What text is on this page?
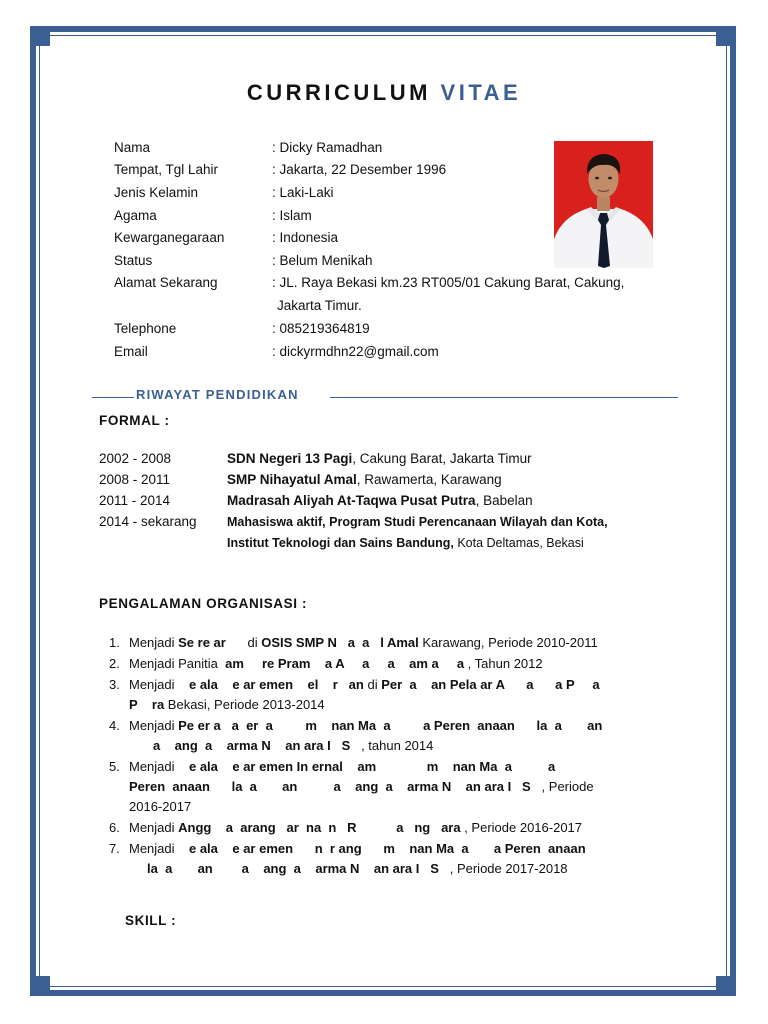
CURRICULUM VITAE
Nama	: Dicky Ramadhan
Tempat, Tgl Lahir	: Jakarta, 22 Desember 1996
Jenis Kelamin	: Laki-Laki
Agama	: Islam
Kewarganegaraan	: Indonesia
Status	: Belum Menikah
Alamat Sekarang	: JL. Raya Bekasi km.23 RT005/01 Cakung Barat, Cakung,
Jakarta Timur.
Telephone	: 085219364819
Email	: dickyrmdhn22@gmail.com
RIWAYAT PENDIDIKAN
FORMAL :
2002 - 2008	SDN Negeri 13 Pagi, Cakung Barat, Jakarta Timur
2008 - 2011	SMP Nihayatul Amal, Rawamerta, Karawang
2011 - 2014	Madrasah Aliyah At-Taqwa Pusat Putra, Babelan
2014 - sekarang Mahasiswa aktif, Program Studi Perencanaan Wilayah dan Kota,
Institut Teknologi dan Sains Bandung, Kota Deltamas, Bekasi
PENGALAMAN ORGANISASI :
1. Menjadi Se re ar      di OSIS SMP N   a  a   l Amal Karawang, Periode 2010-2011
2. Menjadi Panitia  am     re Pram    a A     a     a    am a     a , Tahun 2012
3. Menjadi    e ala    e ar emen    el    r   an di Per  a    an Pela ar A      a      a P     a
P    ra Bekasi, Periode 2013-2014
4. Menjadi Pe er a   a  er  a         m    nan Ma  a         a Peren  anaan      la  a       an
a    ang  a    arma N    an ara I   S   , tahun 2014
5. Menjadi    e ala    e ar emen In ernal    am              m    nan Ma  a          a
Peren  anaan      la  a       an          a    ang  a    arma N    an ara I   S   , Periode
2016-2017
6. Menjadi Angg    a  arang   ar  na  n   R           a   ng   ara , Periode 2016-2017
7. Menjadi    e ala    e ar emen      n  r ang      m    nan Ma  a       a Peren  anaan
la  a       an        a    ang  a    arma N    an ara I   S   , Periode 2017-2018
SKILL :
